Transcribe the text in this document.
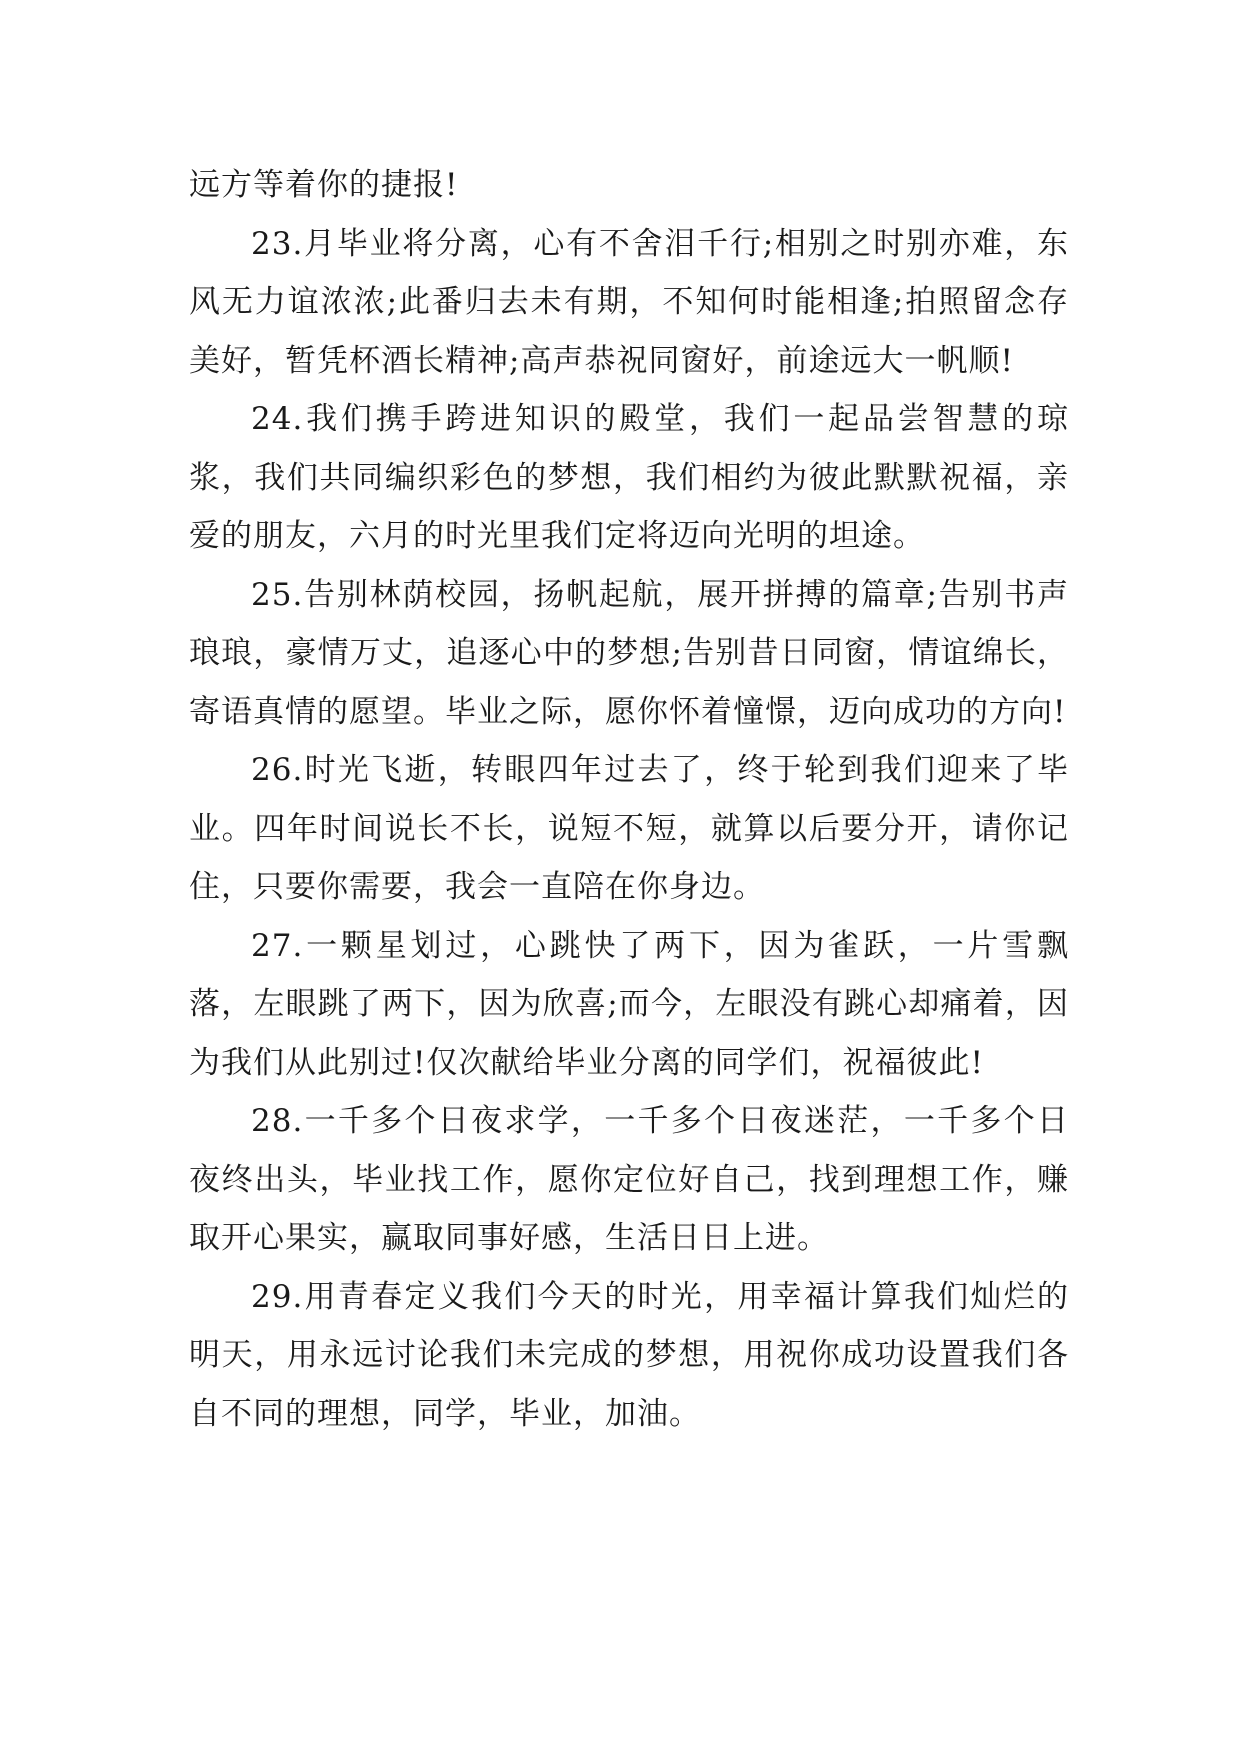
远方等着你的捷报!

23.月毕业将分离，心有不舍泪千行;相别之时别亦难，东风无力谊浓浓;此番归去未有期，不知何时能相逢;拍照留念存美好，暂凭杯酒长精神;高声恭祝同窗好，前途远大一帆顺!

24.我们携手跨进知识的殿堂，我们一起品尝智慧的琼浆，我们共同编织彩色的梦想，我们相约为彼此默默祝福，亲爱的朋友，六月的时光里我们定将迈向光明的坦途。

25.告别林荫校园，扬帆起航，展开拼搏的篇章;告别书声琅琅，豪情万丈，追逐心中的梦想;告别昔日同窗，情谊绵长，寄语真情的愿望。毕业之际，愿你怀着憧憬，迈向成功的方向!

26.时光飞逝，转眼四年过去了，终于轮到我们迎来了毕业。四年时间说长不长，说短不短，就算以后要分开，请你记住，只要你需要，我会一直陪在你身边。

27.一颗星划过，心跳快了两下，因为雀跃，一片雪飘落，左眼跳了两下，因为欣喜;而今，左眼没有跳心却痛着，因为我们从此别过!仅次献给毕业分离的同学们，祝福彼此!

28.一千多个日夜求学，一千多个日夜迷茫，一千多个日夜终出头，毕业找工作，愿你定位好自己，找到理想工作，赚取开心果实，赢取同事好感，生活日日上进。

29.用青春定义我们今天的时光，用幸福计算我们灿烂的明天，用永远讨论我们未完成的梦想，用祝你成功设置我们各自不同的理想，同学，毕业，加油。
